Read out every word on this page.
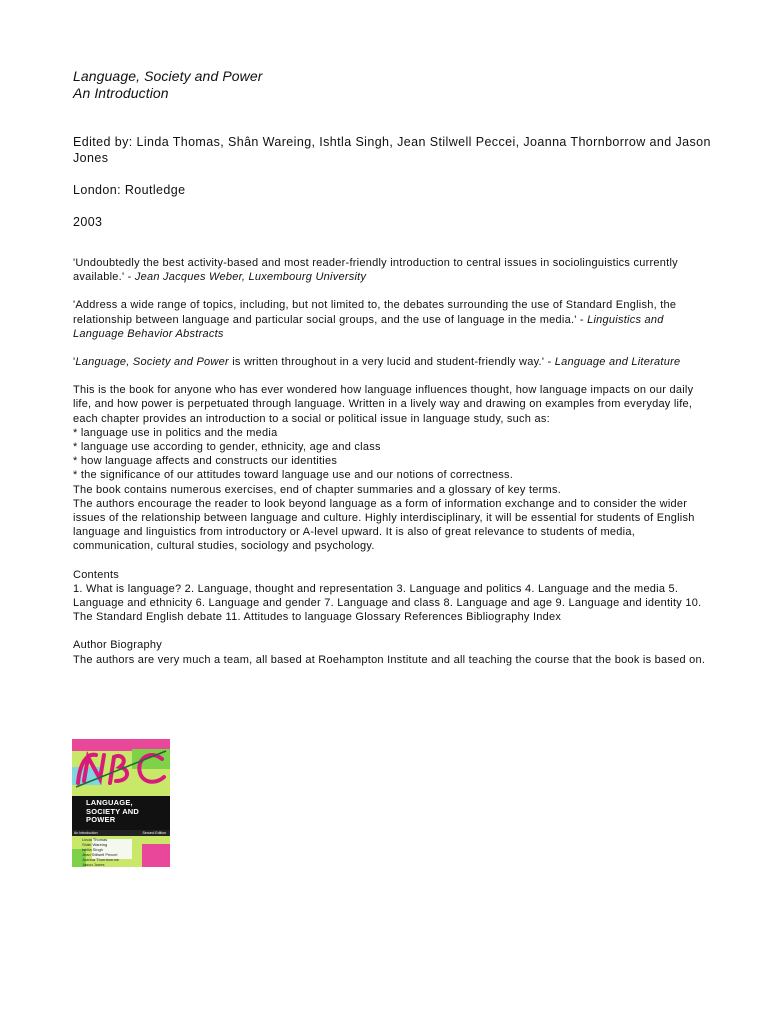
Language, Society and Power
An Introduction
Edited by: Linda Thomas, Shân Wareing, Ishtla Singh, Jean Stilwell Peccei, Joanna Thornborrow and Jason Jones
London: Routledge
2003

'Undoubtedly the best activity-based and most reader-friendly introduction to central issues in sociolinguistics currently available.' - Jean Jacques Weber, Luxembourg University

'Address a wide range of topics, including, but not limited to, the debates surrounding the use of Standard English, the relationship between language and particular social groups, and the use of language in the media.' - Linguistics and Language Behavior Abstracts

'Language, Society and Power is written throughout in a very lucid and student-friendly way.' - Language and Literature

This is the book for anyone who has ever wondered how language influences thought, how language impacts on our daily life, and how power is perpetuated through language. Written in a lively way and drawing on examples from everyday life, each chapter provides an introduction to a social or political issue in language study, such as:

* language use in politics and the media

* language use according to gender, ethnicity, age and class

* how language affects and constructs our identities

* the significance of our attitudes toward language use and our notions of correctness.

The book contains numerous exercises, end of chapter summaries and a glossary of key terms.

The authors encourage the reader to look beyond language as a form of information exchange and to consider the wider issues of the relationship between language and culture. Highly interdisciplinary, it will be essential for students of English language and linguistics from introductory or A-level upward. It is also of great relevance to students of media, communication, cultural studies, sociology and psychology.

Contents

1. What is language? 2. Language, thought and representation 3. Language and politics 4. Language and the media 5. Language and ethnicity 6. Language and gender 7. Language and class 8. Language and age 9. Language and identity 10. The Standard English debate 11. Attitudes to language Glossary References Bibliography Index

Author Biography

The authors are very much a team, all based at Roehampton Institute and all teaching the course that the book is based on.

LANGUAGE,
SOCIETY AND
POWER
An Introduction	Second Edition
Linda Thomas
Shân Wareing
Ishtla Singh
Jean Stilwell Peccei
Joanna Thornborrow
Jason Jones
